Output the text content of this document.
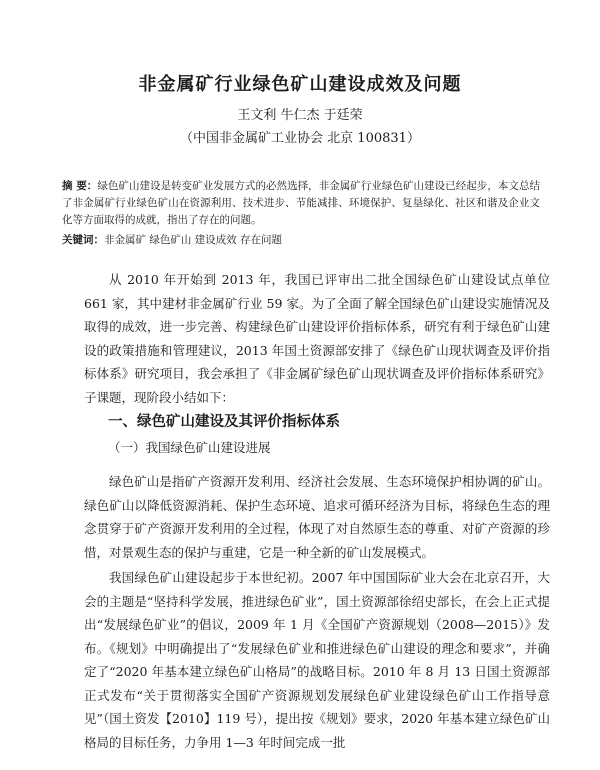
非金属矿行业绿色矿山建设成效及问题
王文利 牛仁杰 于廷荣
（中国非金属矿工业协会 北京 100831）
摘 要：绿色矿山建设是转变矿业发展方式的必然选择，非金属矿行业绿色矿山建设已经起步，本文总结了非金属矿行业绿色矿山在资源利用、技术进步、节能减排、环境保护、复垦绿化、社区和谐及企业文化等方面取得的成就，指出了存在的问题。
关键词：非金属矿 绿色矿山 建设成效 存在问题
从 2010 年开始到 2013 年，我国已评审出二批全国绿色矿山建设试点单位 661 家，其中建材非金属矿行业 59 家。为了全面了解全国绿色矿山建设实施情况及取得的成效，进一步完善、构建绿色矿山建设评价指标体系，研究有利于绿色矿山建设的政策措施和管理建议，2013 年国土资源部安排了《绿色矿山现状调查及评价指标体系》研究项目，我会承担了《非金属矿绿色矿山现状调查及评价指标体系研究》子课题，现阶段小结如下：
一、绿色矿山建设及其评价指标体系
（一）我国绿色矿山建设进展
绿色矿山是指矿产资源开发利用、经济社会发展、生态环境保护相协调的矿山。绿色矿山以降低资源消耗、保护生态环境、追求可循环经济为目标，将绿色生态的理念贯穿于矿产资源开发利用的全过程，体现了对自然原生态的尊重、对矿产资源的珍惜，对景观生态的保护与重建，它是一种全新的矿山发展模式。
我国绿色矿山建设起步于本世纪初。2007 年中国国际矿业大会在北京召开，大会的主题是“坚持科学发展，推进绿色矿业”，国土资源部徐绍史部长，在会上正式提出“发展绿色矿业”的倡议，2009 年 1 月《全国矿产资源规划（2008—2015）》发布。《规划》中明确提出了“发展绿色矿业和推进绿色矿山建设的理念和要求”，并确定了“2020 年基本建立绿色矿山格局”的战略目标。2010 年 8 月 13 日国土资源部正式发布“关于贯彻落实全国矿产资源规划发展绿色矿业建设绿色矿山工作指导意见”（国土资发【2010】119 号），提出按《规划》要求，2020 年基本建立绿色矿山格局的目标任务，力争用 1—3 年时间完成一批
